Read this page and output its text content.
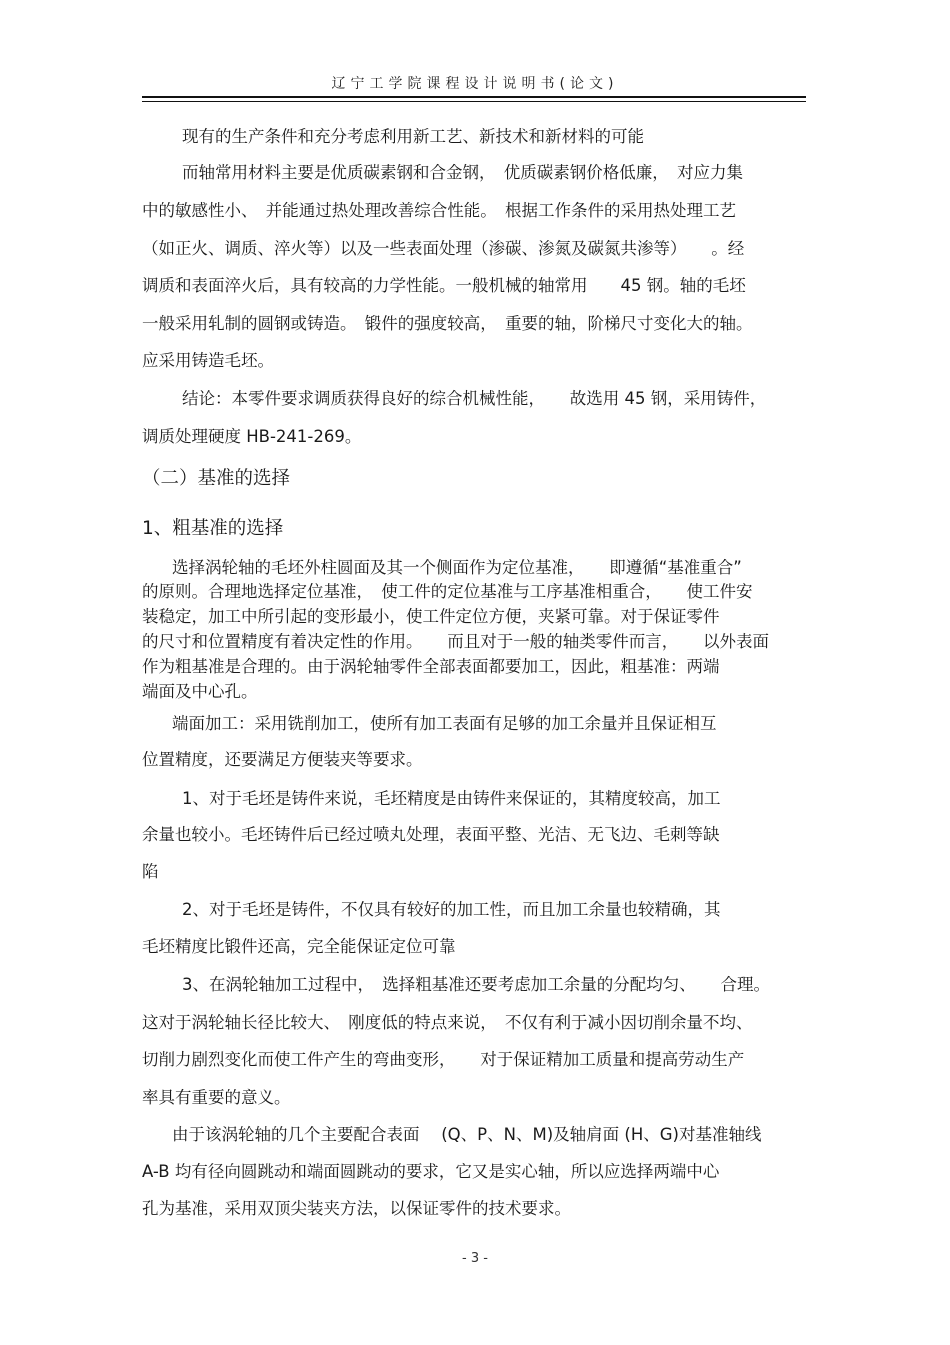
辽宁工学院课程设计说明书(论文)
现有的生产条件和充分考虑利用新工艺、新技术和新材料的可能
而轴常用材料主要是优质碳素钢和合金钢，　优质碳素钢价格低廉，　对应力集
中的敏感性小、　并能通过热处理改善综合性能。　根据工作条件的采用热处理工艺
（如正火、调质、淬火等）以及一些表面处理（渗碳、渗氮及碳氮共渗等）　　。经
调质和表面淬火后，具有较高的力学性能。一般机械的轴常用　　45 钢。轴的毛坯
一般采用轧制的圆钢或铸造。　锻件的强度较高，　重要的轴，阶梯尺寸变化大的轴。
应采用铸造毛坯。
结论：本零件要求调质获得良好的综合机械性能，　　故选用 45 钢，采用铸件，
调质处理硬度 HB-241-269。
（二）基准的选择
1、粗基准的选择
选择涡轮轴的毛坯外柱圆面及其一个侧面作为定位基准，　　即遵循“基准重合”
的原则。合理地选择定位基准，　使工件的定位基准与工序基准相重合，　　使工件安
装稳定，加工中所引起的变形最小，使工件定位方便，夹紧可靠。对于保证零件
的尺寸和位置精度有着决定性的作用。　　而且对于一般的轴类零件而言，　　以外表面
作为粗基准是合理的。由于涡轮轴零件全部表面都要加工，因此，粗基准：两端
端面及中心孔。
端面加工：采用铣削加工，使所有加工表面有足够的加工余量并且保证相互
位置精度，还要满足方便装夹等要求。
1、对于毛坯是铸件来说，毛坯精度是由铸件来保证的，其精度较高，加工
余量也较小。毛坯铸件后已经过喷丸处理，表面平整、光洁、无飞边、毛刺等缺
陷
2、对于毛坯是铸件，不仅具有较好的加工性，而且加工余量也较精确，其
毛坯精度比锻件还高，完全能保证定位可靠
3、在涡轮轴加工过程中，　选择粗基准还要考虑加工余量的分配均匀、　　合理。
这对于涡轮轴长径比较大、　刚度低的特点来说，　不仅有利于减小因切削余量不均、
切削力剧烈变化而使工件产生的弯曲变形，　　对于保证精加工质量和提高劳动生产
率具有重要的意义。
由于该涡轮轴的几个主要配合表面　 (Q、P、N、M)及轴肩面 (H、G)对基准轴线
A-B 均有径向圆跳动和端面圆跳动的要求，它又是实心轴，所以应选择两端中心
孔为基准，采用双顶尖装夹方法，以保证零件的技术要求。
- 3 -
